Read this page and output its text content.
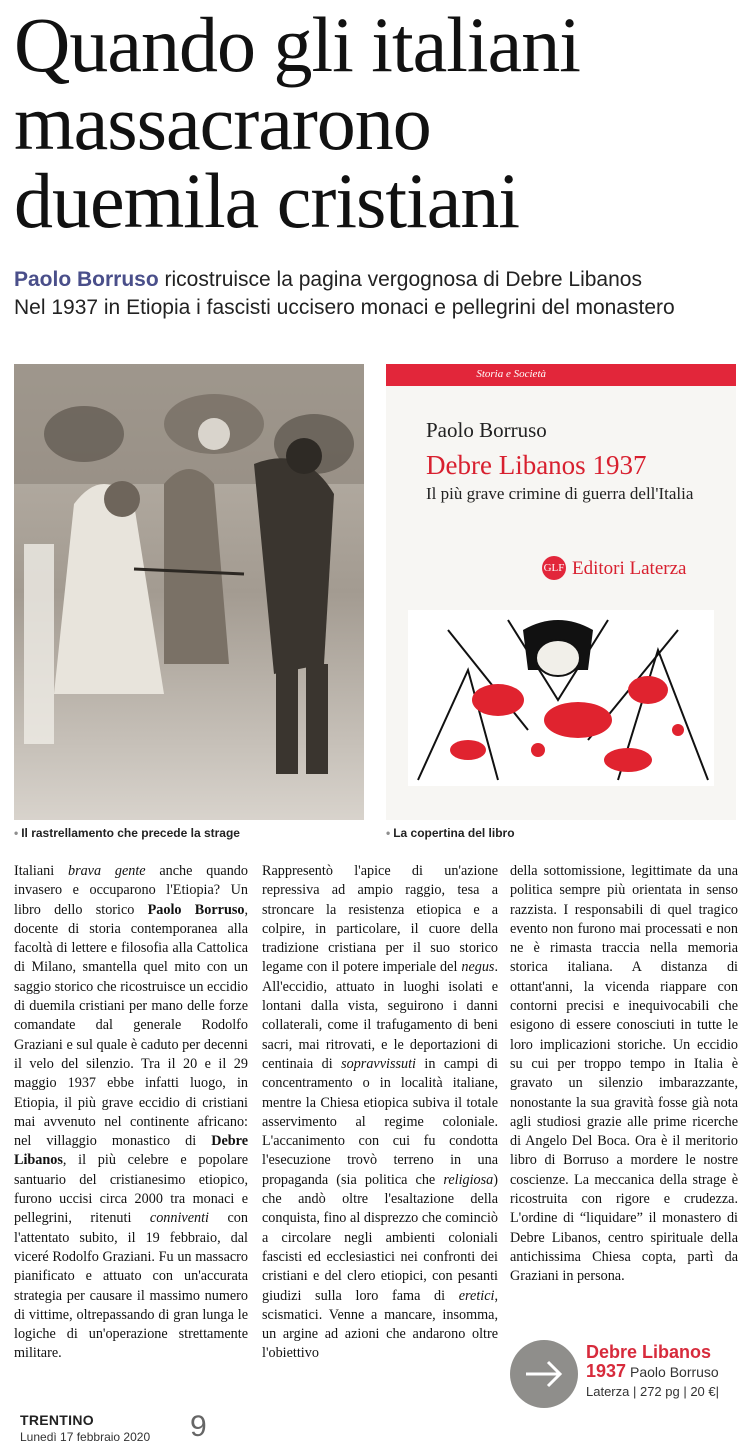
Quando gli italiani
massacrarono
duemila cristiani
Paolo Borruso ricostruisce la pagina vergognosa di Debre Libanos
Nel 1937 in Etiopia i fascisti uccisero monaci e pellegrini del monastero
Storia e Società
Paolo Borruso
Debre Libanos 1937
Il più grave crimine di guerra dell'Italia
GLF Editori Laterza
• Il rastrellamento che precede la strage	• La copertina del libro
Italiani brava gente anche quando invasero e occuparono l'Etiopia? Un libro dello storico Paolo Borruso, docente di storia contemporanea alla facoltà di lettere e filosofia alla Cattolica di Milano, smantella quel mito con un saggio storico che ricostruisce un eccidio di duemila cristiani per mano delle forze comandate dal generale Rodolfo Graziani e sul quale è caduto per decenni il velo del silenzio. Tra il 20 e il 29 maggio 1937 ebbe infatti luogo, in Etiopia, il più grave eccidio di cristiani mai avvenuto nel continente africano: nel villaggio monastico di Debre Libanos, il più celebre e popolare santuario del cristianesimo etiopico, furono uccisi circa 2000 tra monaci e pellegrini, ritenuti conniventi con l'attentato subito, il 19 febbraio, dal viceré Rodolfo Graziani. Fu un massacro pianificato e attuato con un'accurata strategia per causare il massimo numero di vittime, oltrepassando di gran lunga le logiche di un'operazione strettamente militare.
Rappresentò l'apice di un'azione repressiva ad ampio raggio, tesa a stroncare la resistenza etiopica e a colpire, in particolare, il cuore della tradizione cristiana per il suo storico legame con il potere imperiale del negus. All'eccidio, attuato in luoghi isolati e lontani dalla vista, seguirono i danni collaterali, come il trafugamento di beni sacri, mai ritrovati, e le deportazioni di centinaia di sopravvissuti in campi di concentramento o in località italiane, mentre la Chiesa etiopica subiva il totale asservimento al regime coloniale. L'accanimento con cui fu condotta l'esecuzione trovò terreno in una propaganda (sia politica che religiosa) che andò oltre l'esaltazione della conquista, fino al disprezzo che cominciò a circolare negli ambienti coloniali fascisti ed ecclesiastici nei confronti dei cristiani e del clero etiopici, con pesanti giudizi sulla loro fama di eretici, scismatici. Venne a mancare, insomma, un argine ad azioni che andarono oltre l'obiettivo
della sottomissione, legittimate da una politica sempre più orientata in senso razzista. I responsabili di quel tragico evento non furono mai processati e non ne è rimasta traccia nella memoria storica italiana. A distanza di ottant'anni, la vicenda riappare con contorni precisi e inequivocabili che esigono di essere conosciuti in tutte le loro implicazioni storiche. Un eccidio su cui per troppo tempo in Italia è gravato un silenzio imbarazzante, nonostante la sua gravità fosse già nota agli studiosi grazie alle prime ricerche di Angelo Del Boca. Ora è il meritorio libro di Borruso a mordere le nostre coscienze. La meccanica della strage è ricostruita con rigore e crudezza. L'ordine di “liquidare” il monastero di Debre Libanos, centro spirituale della antichissima Chiesa copta, partì da Graziani in persona.
Debre Libanos
1937 Paolo Borruso
Laterza | 272 pg | 20 €|
TRENTINO
Lunedì 17 febbraio 2020 9
